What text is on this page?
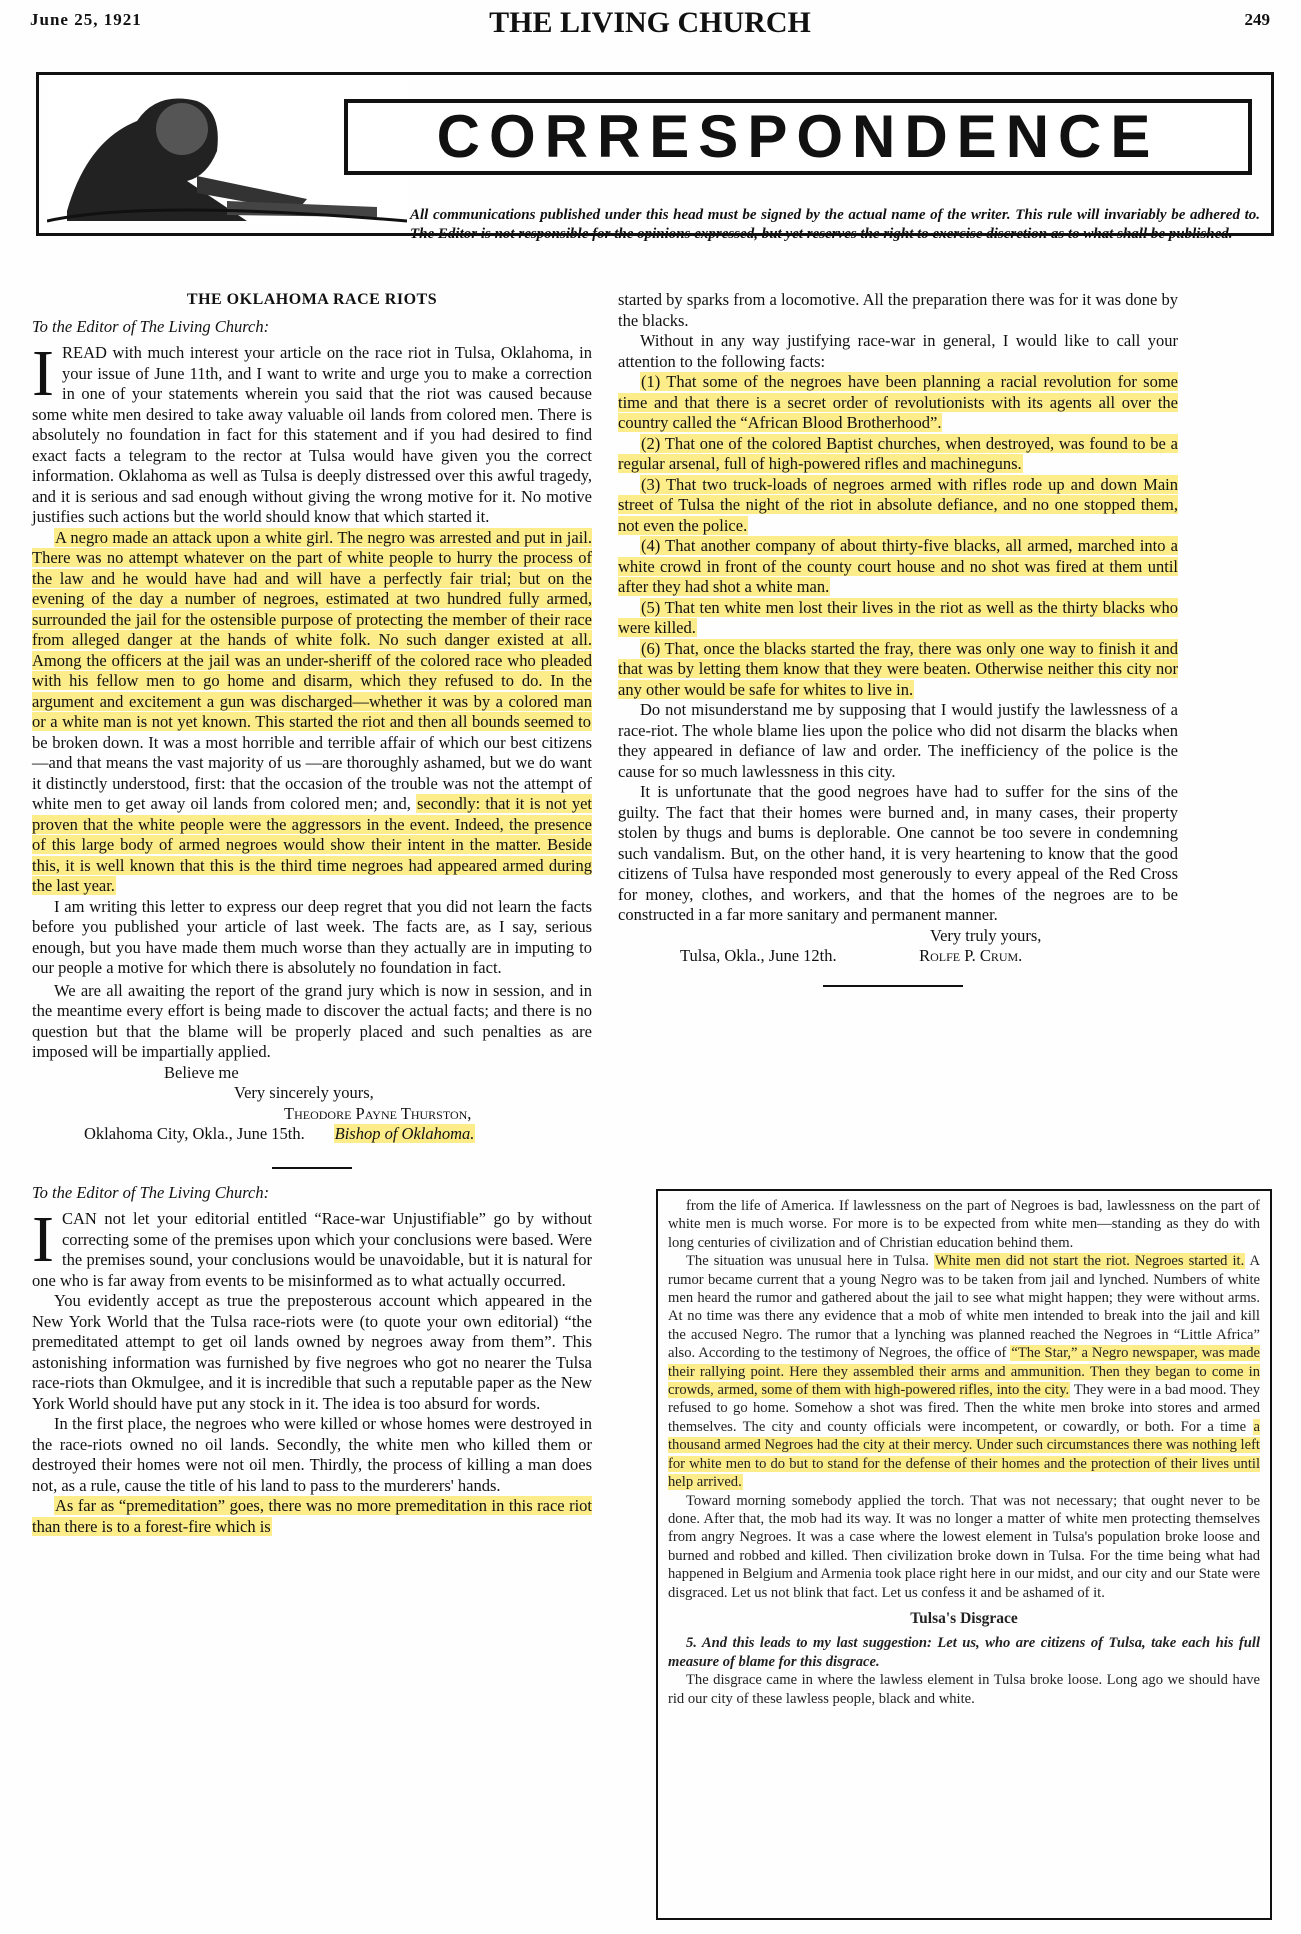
June 25, 1921	THE LIVING CHURCH	249
CORRESPONDENCE
All communications published under this head must be signed by the actual name of the writer. This rule will invariably be adhered to. The Editor is not responsible for the opinions expressed, but yet reserves the right to exercise discretion as to what shall be published.

THE OKLAHOMA RACE RIOTS

To the Editor of The Living Church:

IREAD with much interest your article on the race riot in Tulsa, Oklahoma, in your issue of June 11th, and I want to write and urge you to make a correction in one of your statements wherein you said that the riot was caused because some white men desired to take away valuable oil lands from colored men. There is absolutely no foundation in fact for this statement and if you had desired to find exact facts a telegram to the rector at Tulsa would have given you the correct information. Oklahoma as well as Tulsa is deeply distressed over this awful tragedy, and it is serious and sad enough without giving the wrong motive for it. No motive justifies such actions but the world should know that which started it.

A negro made an attack upon a white girl. The negro was arrested and put in jail. There was no attempt whatever on the part of white people to hurry the process of the law and he would have had and will have a perfectly fair trial; but on the evening of the day a number of negroes, estimated at two hundred fully armed, surrounded the jail for the ostensible purpose of protecting the member of their race from alleged danger at the hands of white folk. No such danger existed at all. Among the officers at the jail was an under-sheriff of the colored race who pleaded with his fellow men to go home and disarm, which they refused to do. In the argument and excitement a gun was discharged—whether it was by a colored man or a white man is not yet known. This started the riot and then all bounds seemed to be broken down. It was a most horrible and terrible affair of which our best citizens—and that means the vast majority of us —are thoroughly ashamed, but we do want it distinctly understood, first: that the occasion of the trouble was not the attempt of white men to get away oil lands from colored men; and, secondly: that it is not yet proven that the white people were the aggressors in the event. Indeed, the presence of this large body of armed negroes would show their intent in the matter. Beside this, it is well known that this is the third time negroes had appeared armed during the last year.

I am writing this letter to express our deep regret that you did not learn the facts before you published your article of last week. The facts are, as I say, serious enough, but you have made them much worse than they actually are in imputing to our people a motive for which there is absolutely no foundation in fact.

We are all awaiting the report of the grand jury which is now in session, and in the meantime every effort is being made to discover the actual facts; and there is no question but that the blame will be properly placed and such penalties as are imposed will be impartially applied.

Believe me

Very sincerely yours,

Theodore Payne Thurston,

Oklahoma City, Okla., June 15th. Bishop of Oklahoma.

To the Editor of The Living Church:

ICAN not let your editorial entitled “Race-war Unjustifiable” go by without correcting some of the premises upon which your conclusions were based. Were the premises sound, your conclusions would be unavoidable, but it is natural for one who is far away from events to be misinformed as to what actually occurred.

You evidently accept as true the preposterous account which appeared in the New York World that the Tulsa race-riots were (to quote your own editorial) “the premeditated attempt to get oil lands owned by negroes away from them”. This astonishing information was furnished by five negroes who got no nearer the Tulsa race-riots than Okmulgee, and it is incredible that such a reputable paper as the New York World should have put any stock in it. The idea is too absurd for words.

In the first place, the negroes who were killed or whose homes were destroyed in the race-riots owned no oil lands. Secondly, the white men who killed them or destroyed their homes were not oil men. Thirdly, the process of killing a man does not, as a rule, cause the title of his land to pass to the murderers' hands.

As far as “premeditation” goes, there was no more premeditation in this race riot than there is to a forest-fire which is

started by sparks from a locomotive. All the preparation there was for it was done by the blacks.

Without in any way justifying race-war in general, I would like to call your attention to the following facts:

(1) That some of the negroes have been planning a racial revolution for some time and that there is a secret order of revolutionists with its agents all over the country called the “African Blood Brotherhood”.

(2) That one of the colored Baptist churches, when destroyed, was found to be a regular arsenal, full of high-powered rifles and machineguns.

(3) That two truck-loads of negroes armed with rifles rode up and down Main street of Tulsa the night of the riot in absolute defiance, and no one stopped them, not even the police.

(4) That another company of about thirty-five blacks, all armed, marched into a white crowd in front of the county court house and no shot was fired at them until after they had shot a white man.

(5) That ten white men lost their lives in the riot as well as the thirty blacks who were killed.

(6) That, once the blacks started the fray, there was only one way to finish it and that was by letting them know that they were beaten. Otherwise neither this city nor any other would be safe for whites to live in.

Do not misunderstand me by supposing that I would justify the lawlessness of a race-riot. The whole blame lies upon the police who did not disarm the blacks when they appeared in defiance of law and order. The inefficiency of the police is the cause for so much lawlessness in this city.

It is unfortunate that the good negroes have had to suffer for the sins of the guilty. The fact that their homes were burned and, in many cases, their property stolen by thugs and bums is deplorable. One cannot be too severe in condemning such vandalism. But, on the other hand, it is very heartening to know that the good citizens of Tulsa have responded most generously to every appeal of the Red Cross for money, clothes, and workers, and that the homes of the negroes are to be constructed in a far more sanitary and permanent manner.

Very truly yours,

Tulsa, Okla., June 12th.	Rolfe P. Crum.

from the life of America. If lawlessness on the part of Negroes is bad, lawlessness on the part of white men is much worse. For more is to be expected from white men—standing as they do with long centuries of civilization and of Christian education behind them.

The situation was unusual here in Tulsa. White men did not start the riot. Negroes started it. A rumor became current that a young Negro was to be taken from jail and lynched. Numbers of white men heard the rumor and gathered about the jail to see what might happen; they were without arms. At no time was there any evidence that a mob of white men intended to break into the jail and kill the accused Negro. The rumor that a lynching was planned reached the Negroes in “Little Africa” also. According to the testimony of Negroes, the office of “The Star,” a Negro newspaper, was made their rallying point. Here they assembled their arms and ammunition. Then they began to come in crowds, armed, some of them with high-powered rifles, into the city. They were in a bad mood. They refused to go home. Somehow a shot was fired. Then the white men broke into stores and armed themselves. The city and county officials were incompetent, or cowardly, or both. For a time a thousand armed Negroes had the city at their mercy. Under such circumstances there was nothing left for white men to do but to stand for the defense of their homes and the protection of their lives until help arrived.

Toward morning somebody applied the torch. That was not necessary; that ought never to be done. After that, the mob had its way. It was no longer a matter of white men protecting themselves from angry Negroes. It was a case where the lowest element in Tulsa's population broke loose and burned and robbed and killed. Then civilization broke down in Tulsa. For the time being what had happened in Belgium and Armenia took place right here in our midst, and our city and our State were disgraced. Let us not blink that fact. Let us confess it and be ashamed of it.

Tulsa's Disgrace

5. And this leads to my last suggestion: Let us, who are citizens of Tulsa, take each his full measure of blame for this disgrace.

The disgrace came in where the lawless element in Tulsa broke loose. Long ago we should have rid our city of these lawless people, black and white.
